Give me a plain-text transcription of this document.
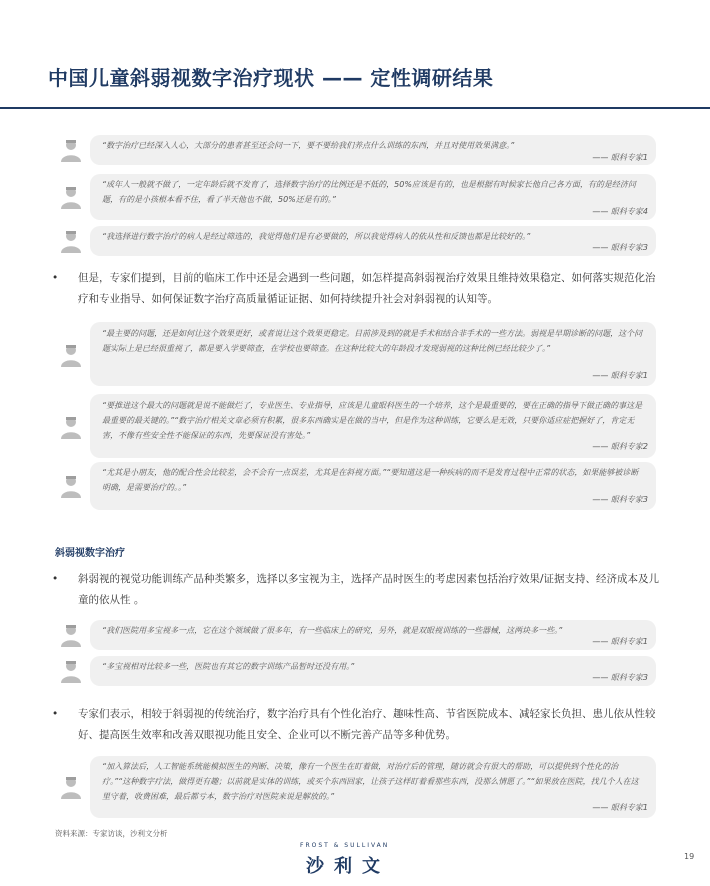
中国儿童斜弱视数字治疗现状 —— 定性调研结果
“数字治疗已经深入人心，大部分的患者甚至还会问一下，要不要给我们养点什么训练的东西，并且对使用效果满意。”
—— 眼科专家1
“成年人一般就不做了，一定年龄后就不发育了，选择数字治疗的比例还是不低的，50%应该是有的，也是根据有时候家长他自己各方面，有的是经济问题，有的是小孩根本看不住，看了半天他也不做，50%还是有的。”
—— 眼科专家4
“我选择进行数字治疗的病人是经过筛选的，我觉得他们是有必要做的，所以我觉得病人的依从性和反馈也都是比较好的。”
—— 眼科专家3
• 但是，专家们提到，目前的临床工作中还是会遇到一些问题，如怎样提高斜弱视治疗效果且维持效果稳定、如何落实规范化治疗和专业指导、如何保证数字治疗高质量循证证据、如何持续提升社会对斜弱视的认知等。
“最主要的问题，还是如何让这个效果更好，或者说让这个效果更稳定。目前涉及到的就是手术和结合非手术的一些方法。弱视是早期诊断的问题，这个问题实际上是已经很重视了，都是要入学要筛查，在学校也要筛查。在这种比较大的年龄段才发现弱视的这种比例已经比较少了。”
—— 眼科专家1
“要推进这个最大的问题就是说不能做烂了，专业医生、专业指导，应该是儿童眼科医生的一个培养，这个是最重要的，要在正确的指导下做正确的事这是最重要的最关键的。”“数字治疗相关文章必须有积累，很多东西确实是在做的当中，但是作为这种训练，它要么是无效，只要你适应症把握好了，肯定无害，不像有些安全性不能保证的东西，先要保证没有害处。”
—— 眼科专家2
“尤其是小朋友，他的配合性会比较差，会不会有一点误差，尤其是在斜视方面。”“要知道这是一种疾病的而不是发育过程中正常的状态，如果能够被诊断明确，是需要治疗的。。”
—— 眼科专家3
斜弱视数字治疗
• 斜弱视的视觉功能训练产品种类繁多，选择以多宝视为主，选择产品时医生的考虑因素包括治疗效果/证据支持、经济成本及儿童的依从性 。
“我们医院用多宝视多一点，它在这个领域做了很多年，有一些临床上的研究，另外，就是双眼视训练的一些器械，这两块多一些。”
—— 眼科专家1
“多宝视相对比较多一些，医院也有其它的数字训练产品暂时还没有用。”
—— 眼科专家3
• 专家们表示，相较于斜弱视的传统治疗，数字治疗具有个性化治疗、趣味性高、节省医院成本、减轻家长负担、患儿依从性较好、提高医生效率和改善双眼视功能且安全、企业可以不断完善产品等多种优势。
“加入算法后，人工智能系统能模拟医生的判断、决策，像有一个医生在盯着做，对治疗后的管理，随访就会有很大的帮助，可以提供到个性化的治疗。”“这种数字疗法，做得更有趣；以前就是实体的训练，或买个东西回家，让孩子这样盯着看那些东西，没那么情愿了。”“如果放在医院，找几个人在这里守着，收费困难，最后都亏本，数字治疗对医院来说是解放的。”
—— 眼科专家1
资料来源：专家访谈，沙利文分析
FROST & SULLIVAN
沙利文	19
